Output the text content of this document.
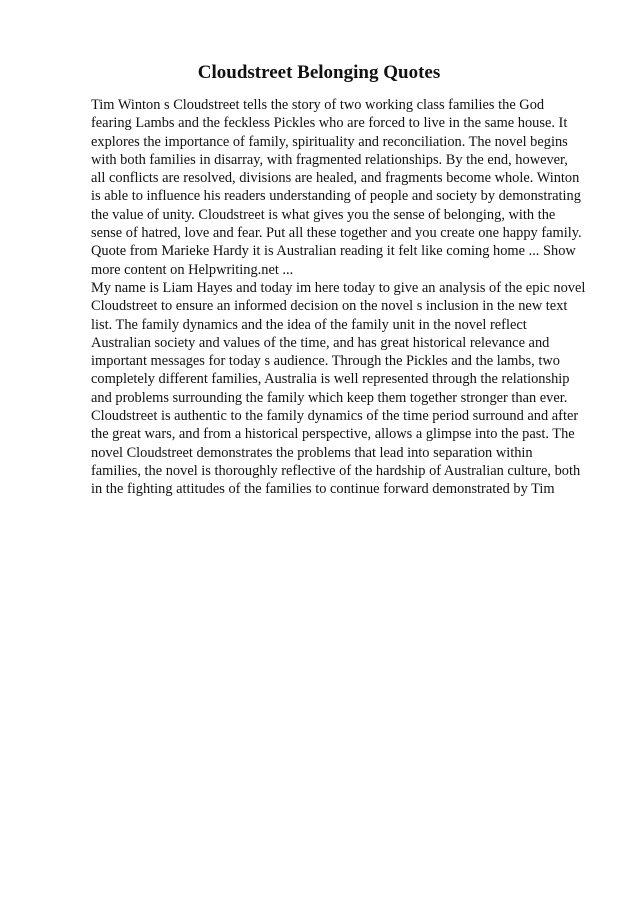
Cloudstreet Belonging Quotes
Tim Winton s Cloudstreet tells the story of two working class families the God
fearing Lambs and the feckless Pickles who are forced to live in the same house. It
explores the importance of family, spirituality and reconciliation. The novel begins
with both families in disarray, with fragmented relationships. By the end, however,
all conflicts are resolved, divisions are healed, and fragments become whole. Winton
is able to influence his readers understanding of people and society by demonstrating
the value of unity. Cloudstreet is what gives you the sense of belonging, with the
sense of hatred, love and fear. Put all these together and you create one happy family.
Quote from Marieke Hardy it is Australian reading it felt like coming home ... Show
more content on Helpwriting.net ...
My name is Liam Hayes and today im here today to give an analysis of the epic novel
Cloudstreet to ensure an informed decision on the novel s inclusion in the new text
list. The family dynamics and the idea of the family unit in the novel reflect
Australian society and values of the time, and has great historical relevance and
important messages for today s audience. Through the Pickles and the lambs, two
completely different families, Australia is well represented through the relationship
and problems surrounding the family which keep them together stronger than ever.
Cloudstreet is authentic to the family dynamics of the time period surround and after
the great wars, and from a historical perspective, allows a glimpse into the past. The
novel Cloudstreet demonstrates the problems that lead into separation within
families, the novel is thoroughly reflective of the hardship of Australian culture, both
in the fighting attitudes of the families to continue forward demonstrated by Tim
